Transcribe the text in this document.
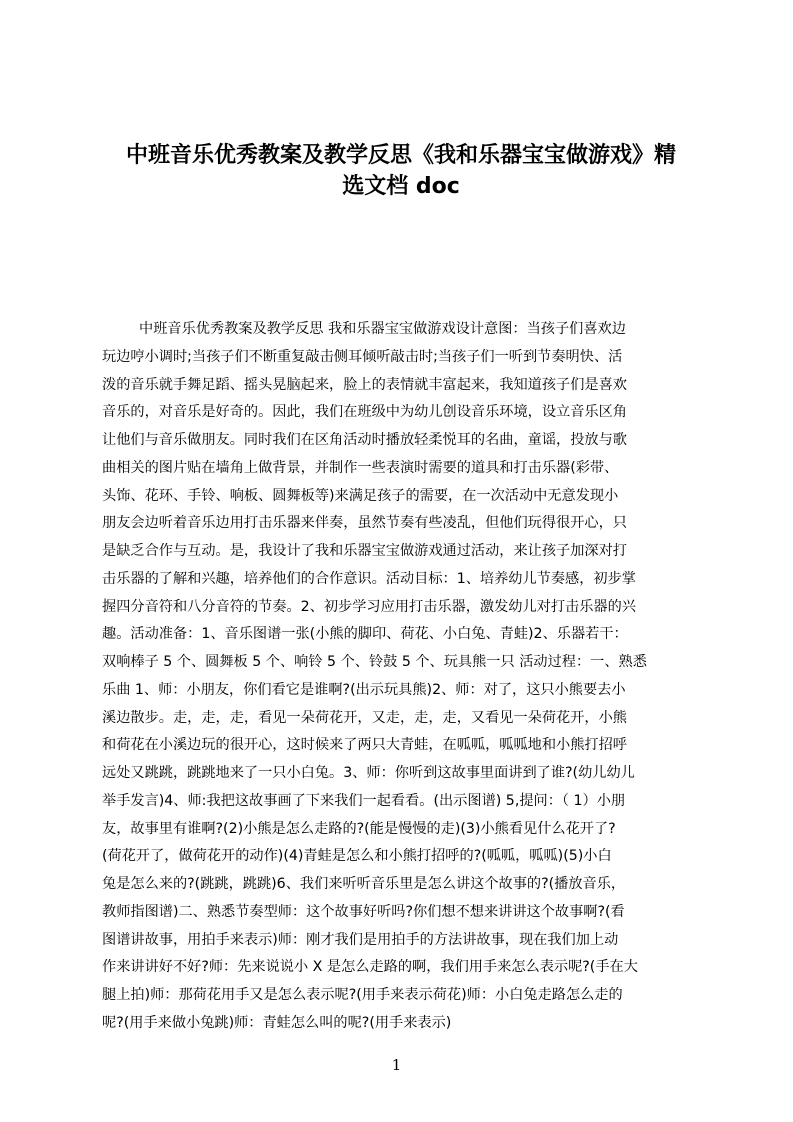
中班音乐优秀教案及教学反思《我和乐器宝宝做游戏》精
选文档 doc
中班音乐优秀教案及教学反思 我和乐器宝宝做游戏设计意图：当孩子们喜欢边
玩边哼小调时;当孩子们不断重复敲击侧耳倾听敲击时;当孩子们一听到节奏明快、活
泼的音乐就手舞足蹈、摇头晃脑起来，脸上的表情就丰富起来，我知道孩子们是喜欢
音乐的，对音乐是好奇的。因此，我们在班级中为幼儿创设音乐环境，设立音乐区角
让他们与音乐做朋友。同时我们在区角活动时播放轻柔悦耳的名曲，童谣，投放与歌
曲相关的图片贴在墙角上做背景，并制作一些表演时需要的道具和打击乐器(彩带、
头饰、花环、手铃、响板、圆舞板等)来满足孩子的需要，在一次活动中无意发现小
朋友会边听着音乐边用打击乐器来伴奏，虽然节奏有些凌乱，但他们玩得很开心，只
是缺乏合作与互动。是，我设计了我和乐器宝宝做游戏通过活动，来让孩子加深对打
击乐器的了解和兴趣，培养他们的合作意识。活动目标：1、培养幼儿节奏感，初步掌
握四分音符和八分音符的节奏。2、初步学习应用打击乐器，激发幼儿对打击乐器的兴
趣。活动准备：1、音乐图谱一张(小熊的脚印、荷花、小白兔、青蛙)2、乐器若干：
双响棒子 5 个、圆舞板 5 个、响铃 5 个、铃鼓 5 个、玩具熊一只 活动过程：一、熟悉
乐曲 1、师：小朋友，你们看它是谁啊?(出示玩具熊)2、师：对了，这只小熊要去小
溪边散步。走，走，走，看见一朵荷花开，又走，走，走，又看见一朵荷花开，小熊
和荷花在小溪边玩的很开心，这时候来了两只大青蛙，在呱呱，呱呱地和小熊打招呼
远处又跳跳，跳跳地来了一只小白兔。3、师：你听到这故事里面讲到了谁?(幼儿幼儿
举手发言)4、师:我把这故事画了下来我们一起看看。(出示图谱) 5,提问：（ 1）小朋
友，故事里有谁啊?(2)小熊是怎么走路的?(能是慢慢的走)(3)小熊看见什么花开了?
(荷花开了，做荷花开的动作)(4)青蛙是怎么和小熊打招呼的?(呱呱，呱呱)(5)小白
兔是怎么来的?(跳跳，跳跳)6、我们来听听音乐里是怎么讲这个故事的?(播放音乐，
教师指图谱)二、熟悉节奏型师：这个故事好听吗?你们想不想来讲讲这个故事啊?(看
图谱讲故事，用拍手来表示)师：刚才我们是用拍手的方法讲故事，现在我们加上动
作来讲讲好不好?师：先来说说小 X 是怎么走路的啊，我们用手来怎么表示呢?(手在大
腿上拍)师：那荷花用手又是怎么表示呢?(用手来表示荷花)师：小白兔走路怎么走的
呢?(用手来做小兔跳)师：青蛙怎么叫的呢?(用手来表示)
1
